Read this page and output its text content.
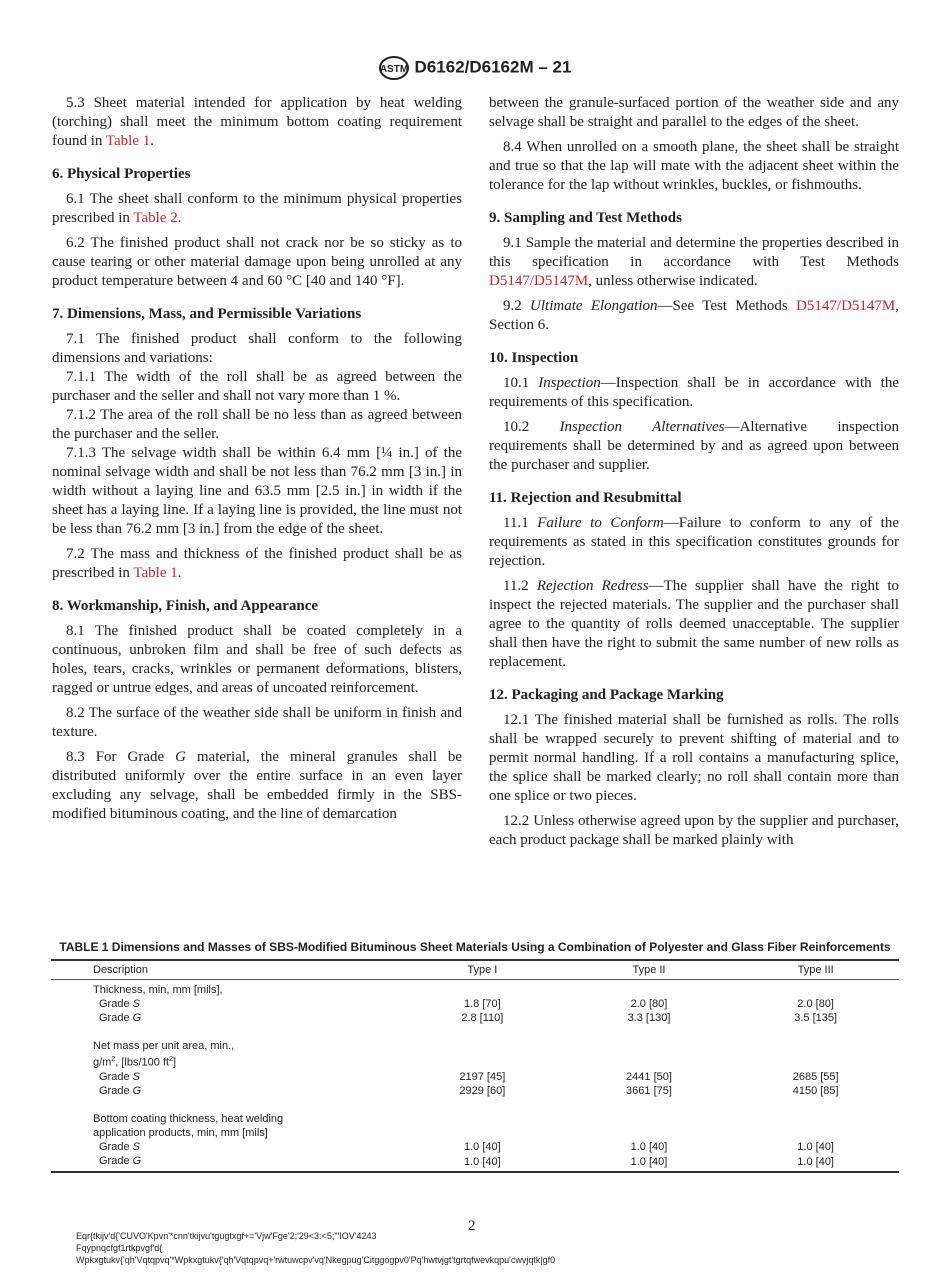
ASTM D6162/D6162M – 21

5.3 Sheet material intended for application by heat welding (torching) shall meet the minimum bottom coating requirement found in Table 1.

6. Physical Properties

6.1 The sheet shall conform to the minimum physical properties prescribed in Table 2.

6.2 The finished product shall not crack nor be so sticky as to cause tearing or other material damage upon being unrolled at any product temperature between 4 and 60 °C [40 and 140 °F].

7. Dimensions, Mass, and Permissible Variations

7.1 The finished product shall conform to the following dimensions and variations:

7.1.1 The width of the roll shall be as agreed between the purchaser and the seller and shall not vary more than 1 %.

7.1.2 The area of the roll shall be no less than as agreed between the purchaser and the seller.

7.1.3 The selvage width shall be within 6.4 mm [¼ in.] of the nominal selvage width and shall be not less than 76.2 mm [3 in.] in width without a laying line and 63.5 mm [2.5 in.] in width if the sheet has a laying line. If a laying line is provided, the line must not be less than 76.2 mm [3 in.] from the edge of the sheet.

7.2 The mass and thickness of the finished product shall be as prescribed in Table 1.

8. Workmanship, Finish, and Appearance

8.1 The finished product shall be coated completely in a continuous, unbroken film and shall be free of such defects as holes, tears, cracks, wrinkles or permanent deformations, blisters, ragged or untrue edges, and areas of uncoated reinforcement.

8.2 The surface of the weather side shall be uniform in finish and texture.

8.3 For Grade G material, the mineral granules shall be distributed uniformly over the entire surface in an even layer excluding any selvage, shall be embedded firmly in the SBS-modified bituminous coating, and the line of demarcation

between the granule-surfaced portion of the weather side and any selvage shall be straight and parallel to the edges of the sheet.

8.4 When unrolled on a smooth plane, the sheet shall be straight and true so that the lap will mate with the adjacent sheet within the tolerance for the lap without wrinkles, buckles, or fishmouths.

9. Sampling and Test Methods

9.1 Sample the material and determine the properties described in this specification in accordance with Test Methods D5147/D5147M, unless otherwise indicated.

9.2 Ultimate Elongation—See Test Methods D5147/D5147M, Section 6.

10. Inspection

10.1 Inspection—Inspection shall be in accordance with the requirements of this specification.

10.2 Inspection Alternatives—Alternative inspection requirements shall be determined by and as agreed upon between the purchaser and supplier.

11. Rejection and Resubmittal

11.1 Failure to Conform—Failure to conform to any of the requirements as stated in this specification constitutes grounds for rejection.

11.2 Rejection Redress—The supplier shall have the right to inspect the rejected materials. The supplier and the purchaser shall agree to the quantity of rolls deemed unacceptable. The supplier shall then have the right to submit the same number of new rolls as replacement.

12. Packaging and Package Marking

12.1 The finished material shall be furnished as rolls. The rolls shall be wrapped securely to prevent shifting of material and to permit normal handling. If a roll contains a manufacturing splice, the splice shall be marked clearly; no roll shall contain more than one splice or two pieces.

12.2 Unless otherwise agreed upon by the supplier and purchaser, each product package shall be marked plainly with

TABLE 1 Dimensions and Masses of SBS-Modified Bituminous Sheet Materials Using a Combination of Polyester and Glass Fiber Reinforcements
Description	Type I	Type II	Type III
Thickness, min, mm [mils],			
Grade S	1.8 [70]	2.0 [80]	2.0 [80]
Grade G	2.8 [110]	3.3 [130]	3.5 [135]

Net mass per unit area, min.,			
$g/m^2$, [lbs/100 $ft^2$]			
Grade S	2197 [45]	2441 [50]	2685 [55]
Grade G	2929 [60]	3661 [75]	4150 [85]

Bottom coating thickness, heat welding			
application products, min, mm [mils]			
Grade S	1.0 [40]	1.0 [40]	1.0 [40]
Grade G	1.0 [40]	1.0 [40]	1.0 [40]
2
Eqr{tkijv'd{'CUVO'Kpvn'*cnn'tkijvu'tgugtxgf+='Vjw'Fge'2;'29<3:<5;'"IOV'4243
Fqypnqcfgf1rtkpvgf'd{
Wpkxgtukv{'qh'Vqtqpvq'*Wpkxgtukv{'qh'Vqtqpvq+'rwtuwcpv'vq'Nkegpug'Citggogpv0'Pq'hwtvjgt'tgrtqfwevkqpu'cwvjqtk|gf0
